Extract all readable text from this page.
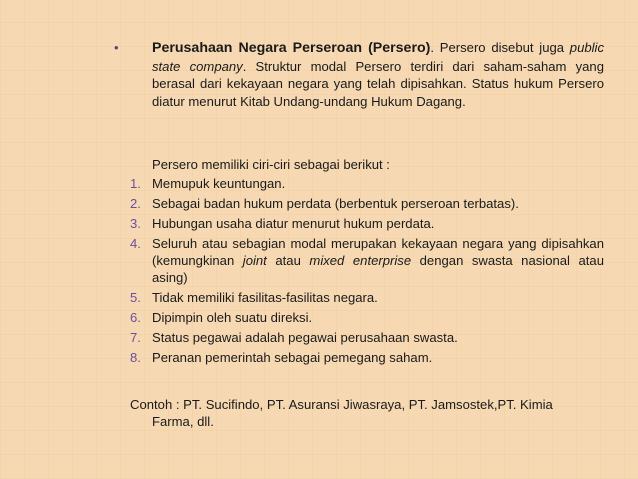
•	Perusahaan Negara Perseroan (Persero). Persero disebut juga public state company. Struktur modal Persero terdiri dari saham-saham yang berasal dari kekayaan negara yang telah dipisahkan. Status hukum Persero diatur menurut Kitab Undang-undang Hukum Dagang.
Persero memiliki ciri-ciri sebagai berikut :
1. Memupuk keuntungan.
2. Sebagai badan hukum perdata (berbentuk perseroan terbatas).
3. Hubungan usaha diatur menurut hukum perdata.
4. Seluruh atau sebagian modal merupakan kekayaan negara yang dipisahkan (kemungkinan joint atau mixed enterprise dengan swasta nasional atau asing)
5. Tidak memiliki fasilitas-fasilitas negara.
6. Dipimpin oleh suatu direksi.
7. Status pegawai adalah pegawai perusahaan swasta.
8. Peranan pemerintah sebagai pemegang saham.
Contoh : PT. Sucifindo, PT. Asuransi Jiwasraya, PT. Jamsostek,PT. Kimia
Farma, dll.
